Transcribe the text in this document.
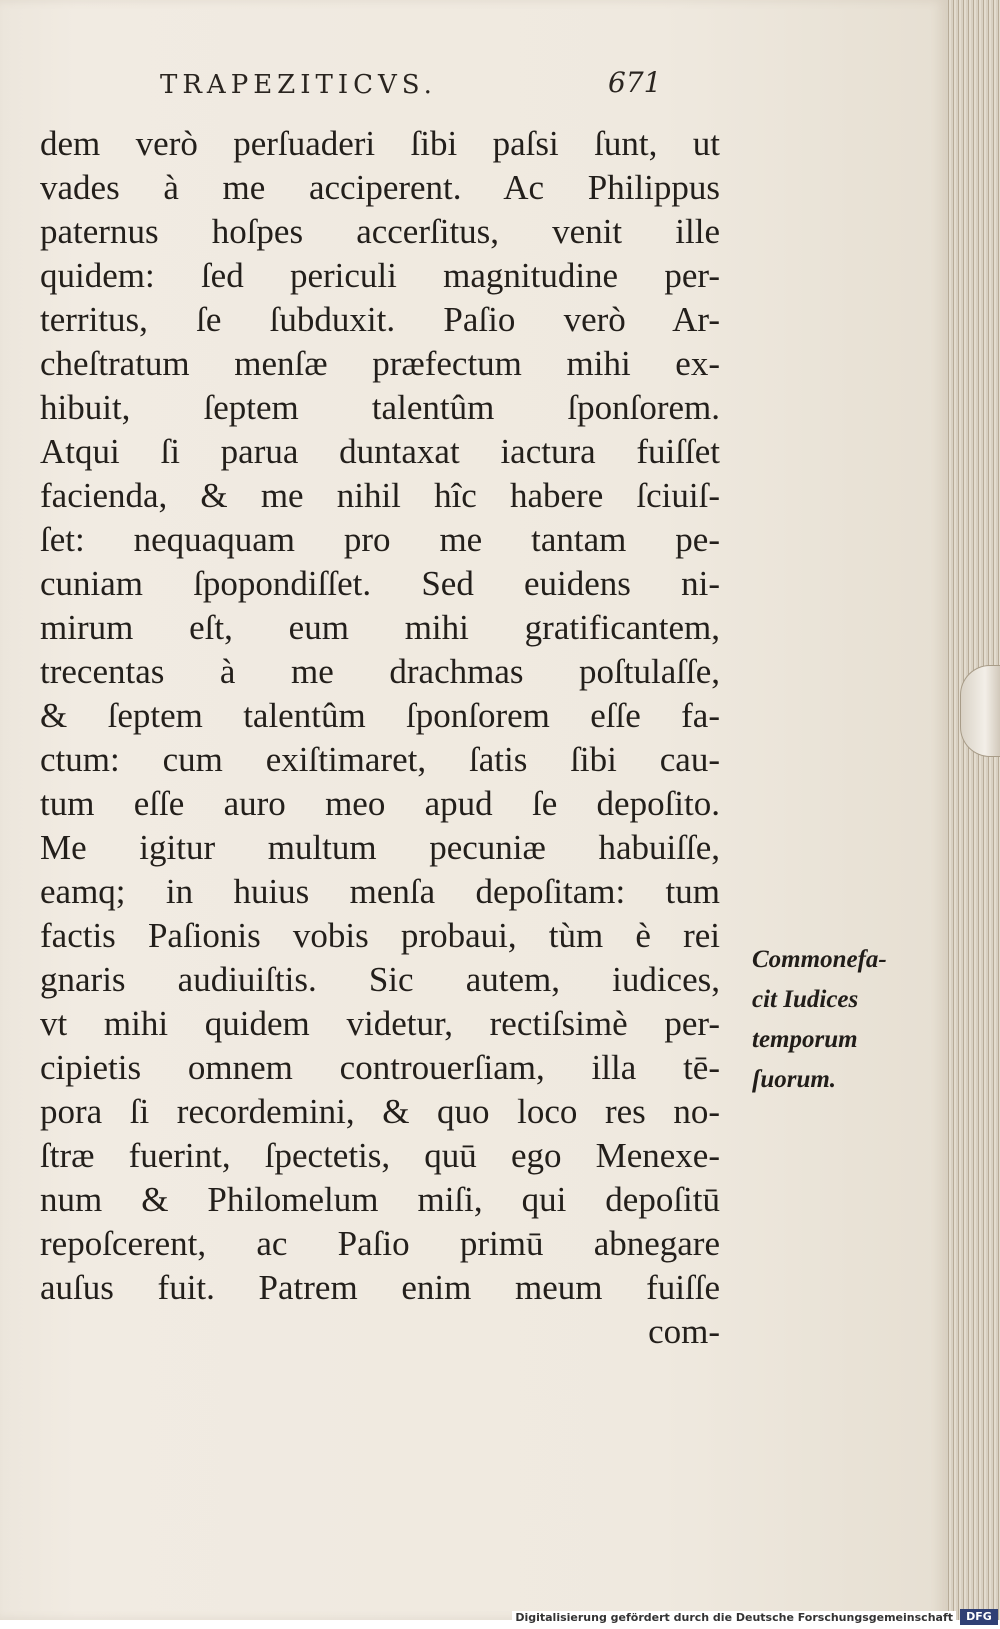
TRAPEZITICVS.	671
dem verò perſuaderi ſibi paſsi ſunt, ut
vades à me acciperent. Ac Philippus
paternus hoſpes accerſitus, venit ille
quidem: ſed periculi magnitudine per-
territus, ſe ſubduxit. Paſio verò Ar-
cheſtratum menſæ præfectum mihi ex-
hibuit, ſeptem talentûm ſponſorem.
Atqui ſi parua duntaxat iactura fuiſſet
facienda, & me nihil hîc habere ſciuiſ-
ſet: nequaquam pro me tantam pe-
cuniam ſpopondiſſet. Sed euidens ni-
mirum eſt, eum mihi gratificantem,
trecentas à me drachmas poſtulaſſe,
& ſeptem talentûm ſponſorem eſſe fa-
ctum: cum exiſtimaret, ſatis ſibi cau-
tum eſſe auro meo apud ſe depoſito.
Me igitur multum pecuniæ habuiſſe,
eamq; in huius menſa depoſitam: tum
factis Paſionis vobis probaui, tùm è rei
gnaris audiuiſtis. Sic autem, iudices,
vt mihi quidem videtur, rectiſsimè per-
cipietis omnem controuerſiam, illa tē-
pora ſi recordemini, & quo loco res no-
ſtræ fuerint, ſpectetis, quū ego Menexe-
num & Philomelum miſi, qui depoſitū
repoſcerent, ac Paſio primū abnegare
auſus fuit. Patrem enim meum fuiſſe
com-
Commonefa-
cit Iudices
temporum
ſuorum.
Digitalisierung gefördert durch die Deutsche Forschungsgemeinschaft	DFG
